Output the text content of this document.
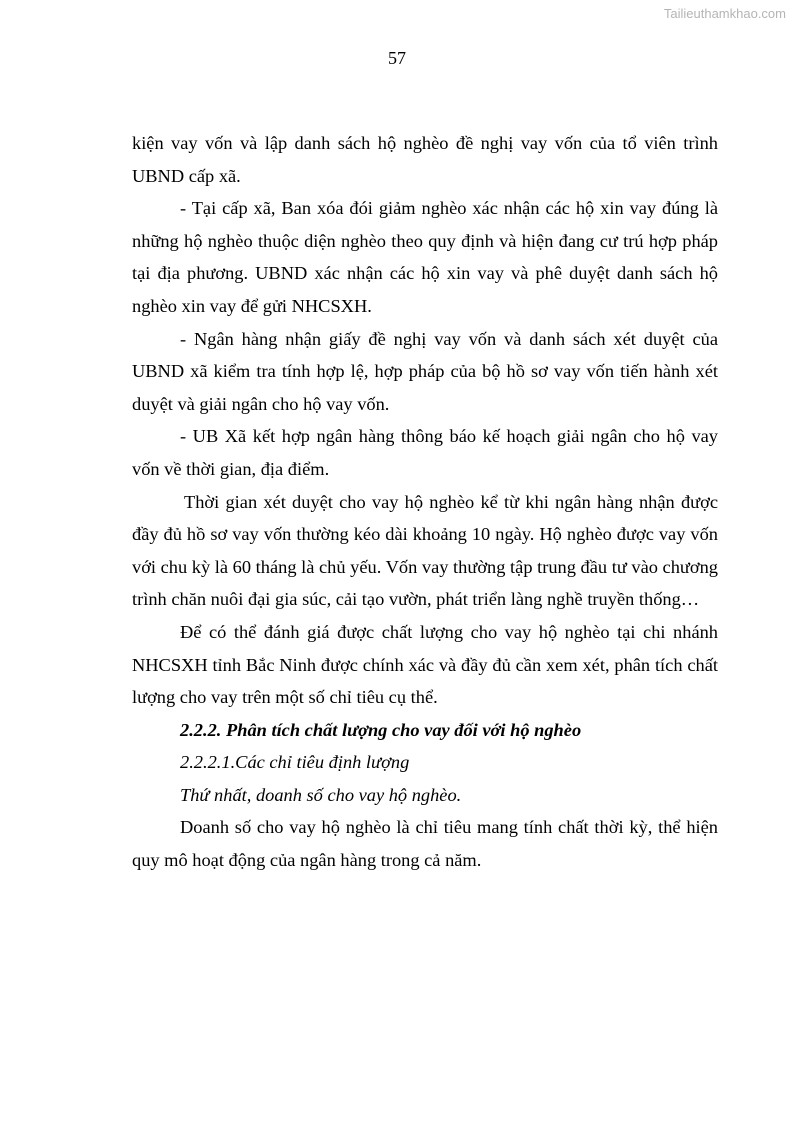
Tailieuthamkhao.com
57

kiện vay vốn và lập danh sách hộ nghèo đề nghị vay vốn của tổ viên trình UBND cấp xã.

- Tại cấp xã, Ban xóa đói giảm nghèo xác nhận các hộ xin vay đúng là những hộ nghèo thuộc diện nghèo theo quy định và hiện đang cư trú hợp pháp tại địa phương. UBND xác nhận các hộ xin vay và phê duyệt danh sách hộ nghèo xin vay để gửi NHCSXH.

- Ngân hàng nhận giấy đề nghị vay vốn và danh sách xét duyệt của UBND xã kiểm tra tính hợp lệ, hợp pháp của bộ hồ sơ vay vốn tiến hành xét duyệt và giải ngân cho hộ vay vốn.

- UB Xã kết hợp ngân hàng thông báo kế hoạch giải ngân cho hộ vay vốn về thời gian, địa điểm.

Thời gian xét duyệt cho vay hộ nghèo kể từ khi ngân hàng nhận được đầy đủ hồ sơ vay vốn thường kéo dài khoảng 10 ngày. Hộ nghèo được vay vốn với chu kỳ là 60 tháng là chủ yếu. Vốn vay thường tập trung đầu tư vào chương trình chăn nuôi đại gia súc, cải tạo vườn, phát triển làng nghề truyền thống…

Để có thể đánh giá được chất lượng cho vay hộ nghèo tại chi nhánh NHCSXH tỉnh Bắc Ninh được chính xác và đầy đủ cần xem xét, phân tích chất lượng cho vay trên một số chỉ tiêu cụ thể.

2.2.2. Phân tích chất lượng cho vay đối với hộ nghèo

2.2.2.1.Các chỉ tiêu định lượng

Thứ nhất, doanh số cho vay hộ nghèo.

Doanh số cho vay hộ nghèo là chỉ tiêu mang tính chất thời kỳ, thể hiện quy mô hoạt động của ngân hàng trong cả năm.
